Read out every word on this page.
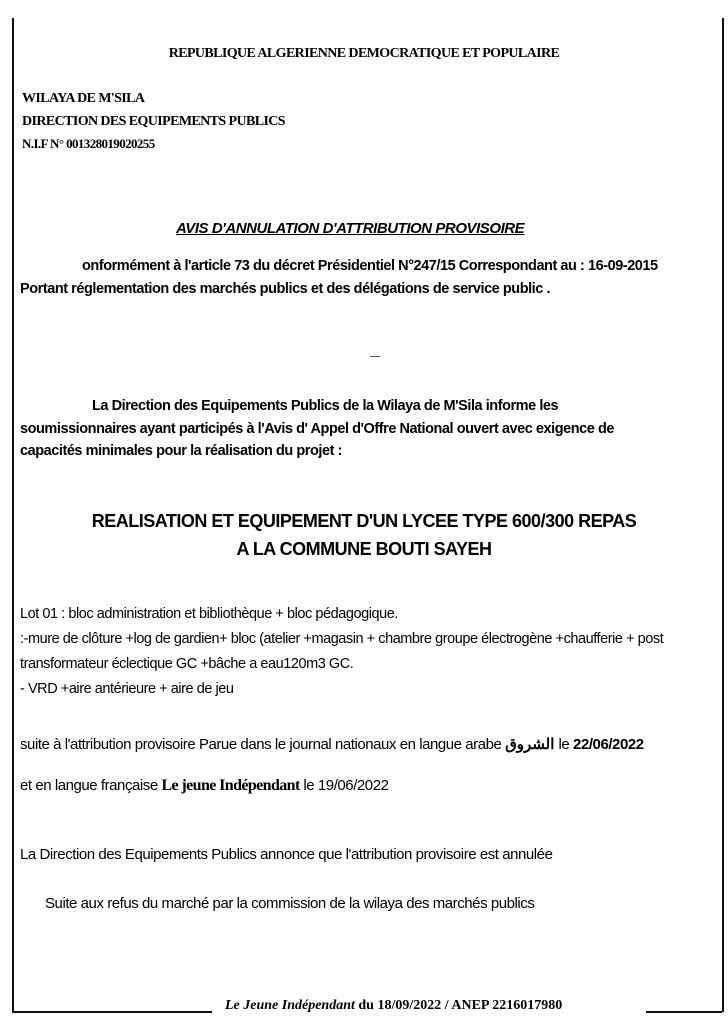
REPUBLIQUE ALGERIENNE DEMOCRATIQUE ET POPULAIRE
WILAYA DE M'SILA
DIRECTION DES EQUIPEMENTS PUBLICS
N.I.F N° 001328019020255
AVIS D'ANNULATION D'ATTRIBUTION PROVISOIRE
onformément à l'article 73 du décret Présidentiel N°247/15 Correspondant au : 16-09-2015
Portant réglementation des marchés publics et des délégations de service public .
La Direction des Equipements Publics de la Wilaya de M'Sila informe les
soumissionnaires ayant participés à l'Avis d' Appel d'Offre National ouvert avec exigence de
capacités minimales pour la réalisation du projet :
REALISATION ET EQUIPEMENT D'UN LYCEE TYPE 600/300 REPAS
A LA COMMUNE BOUTI SAYEH
Lot 01 : bloc administration et bibliothèque + bloc pédagogique.
:-mure de clôture +log de gardien+ bloc (atelier +magasin + chambre groupe électrogène +chaufferie + post
transformateur éclectique GC +bâche a eau120m3 GC.
- VRD +aire antérieure + aire de jeu
suite à l'attribution provisoire Parue dans le journal nationaux en langue arabe الشروق le 22/06/2022
et en langue française Le jeune Indépendant le 19/06/2022
La Direction des Equipements Publics annonce que l'attribution provisoire est annulée
Suite aux refus du marché par la commission de la wilaya des marchés publics
Le Jeune Indépendant du 18/09/2022 / ANEP 2216017980
